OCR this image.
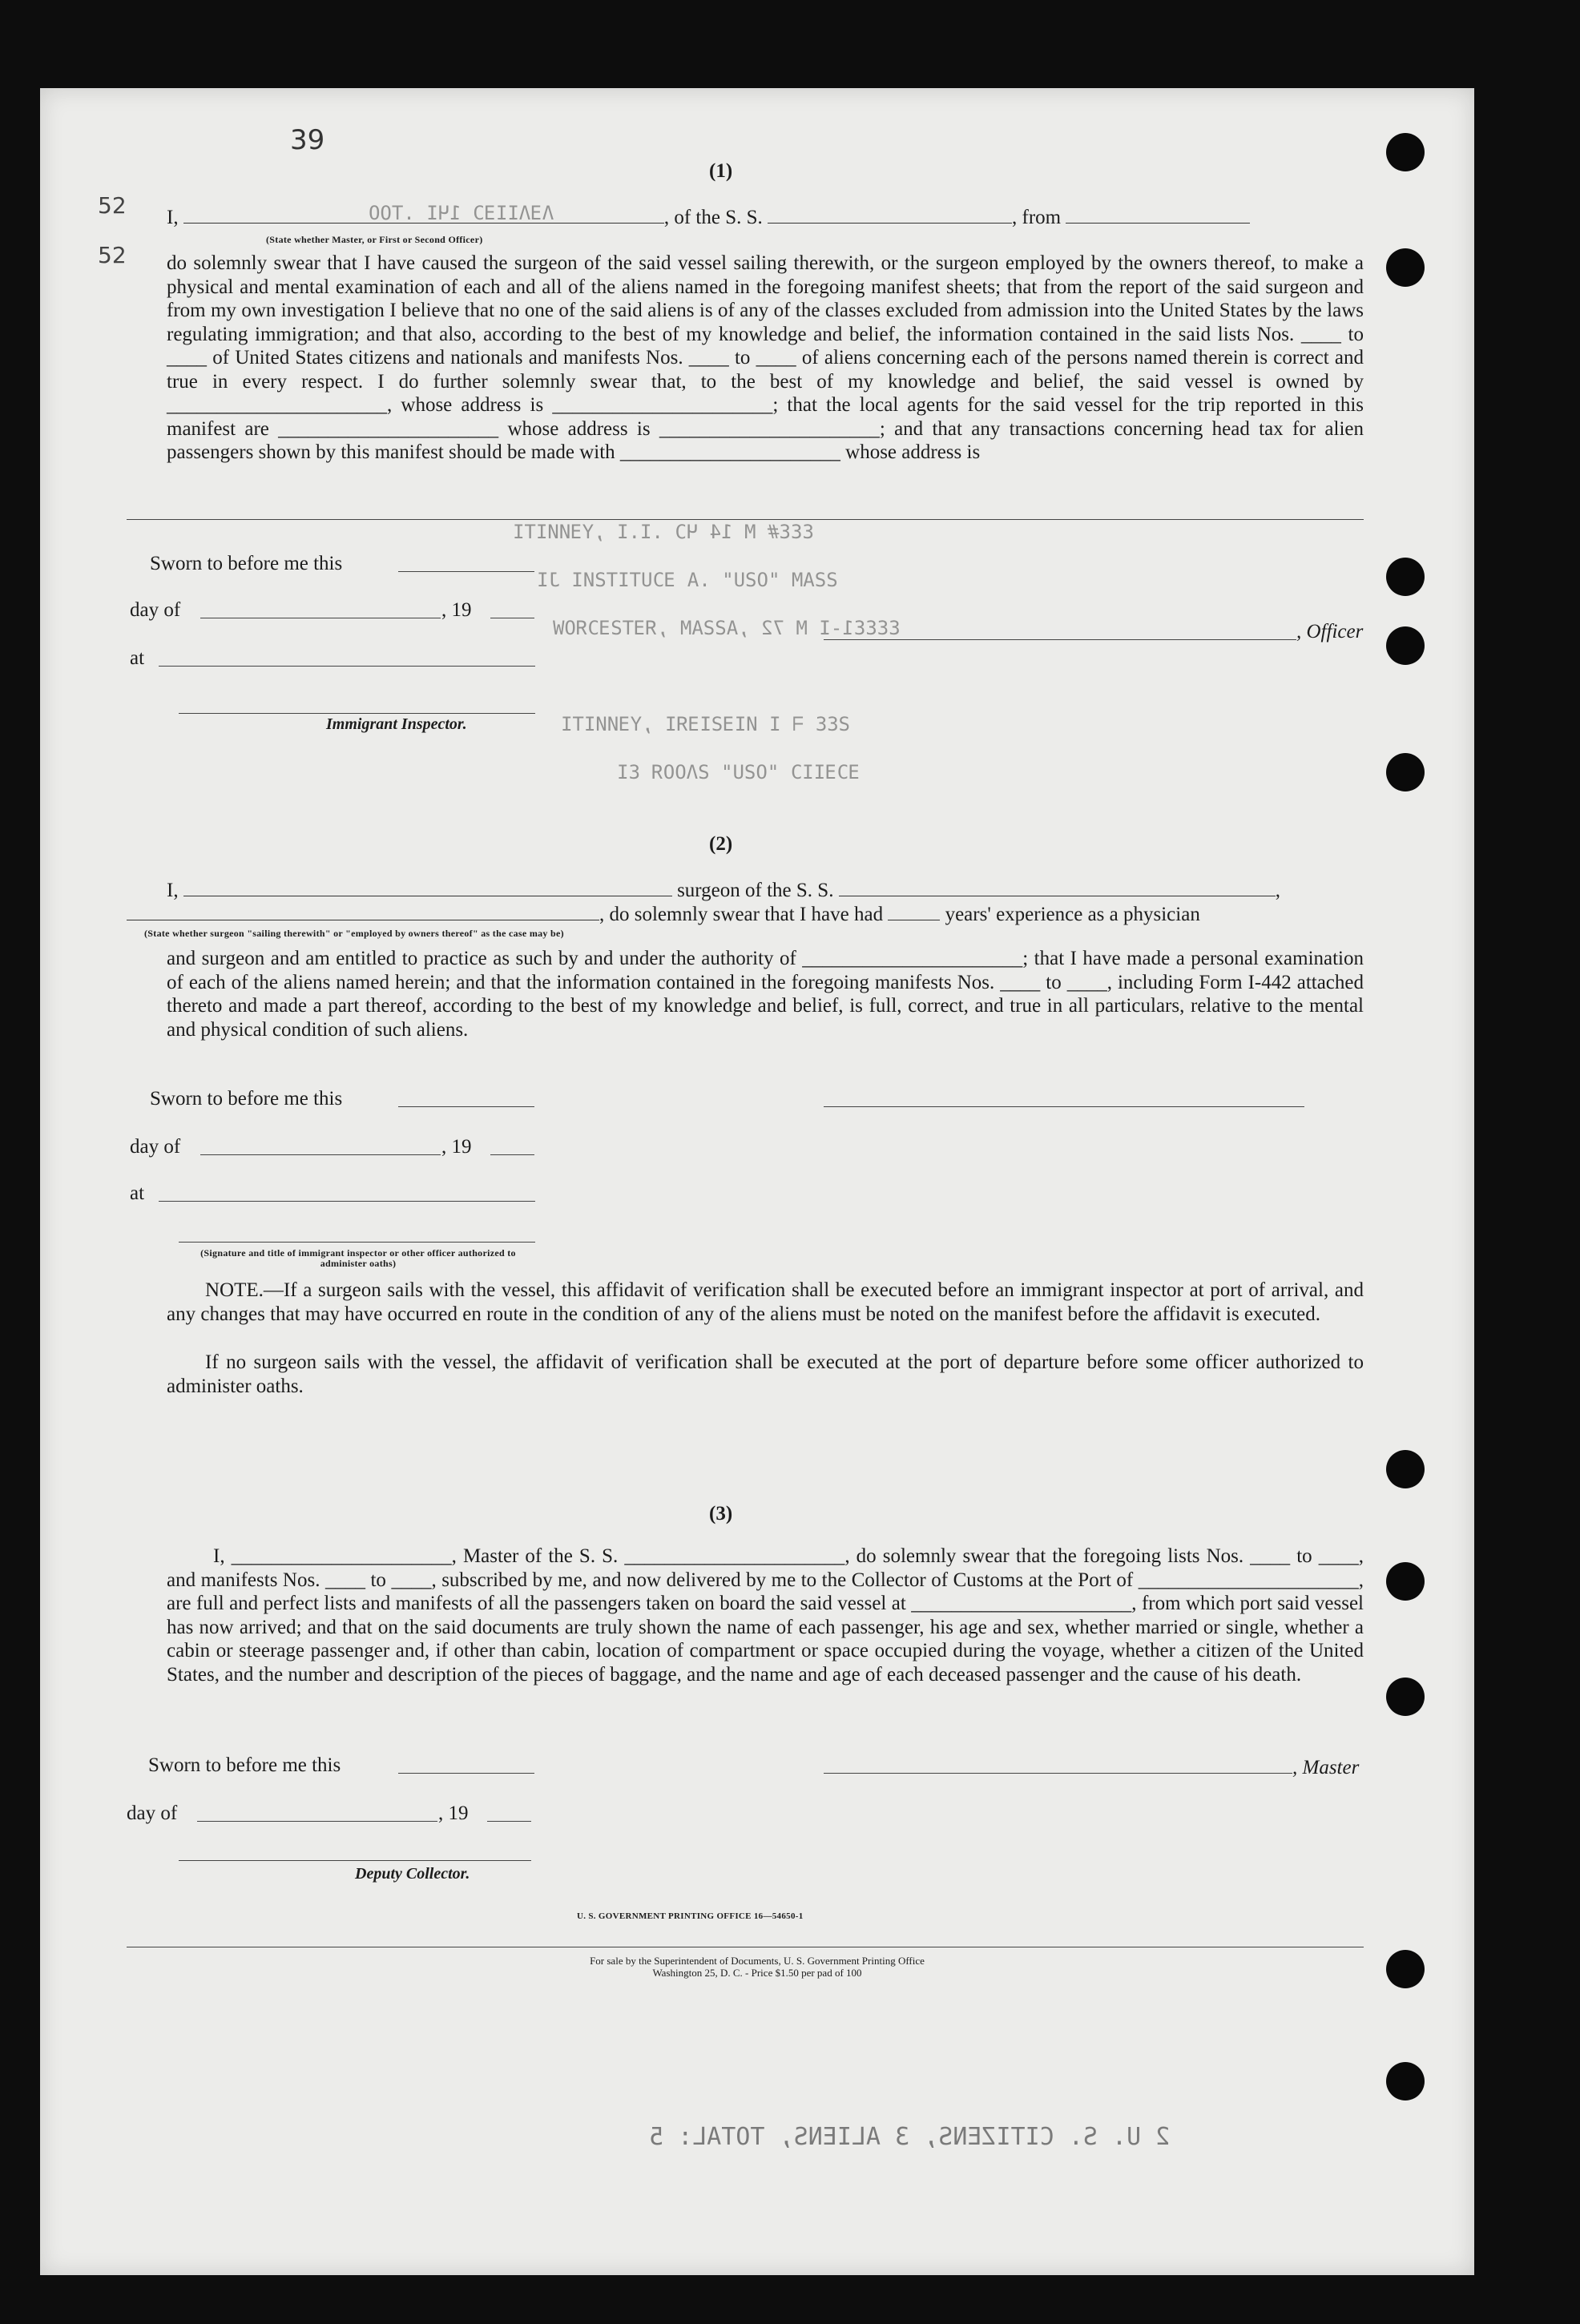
39
52
52
ΛƎΛIIƎƆ 1ЧΙ .TΟO
ƐƐƐ# M 14 ЧϽ .I.I ,YƎИИITI
ƧƧAM "OƧU" .A ƎƆUTITƧИI JI
ƐƐƐƐ1-I M 72 ,AƧƧAM ,ЯƎTƧƎƆЯOW
ƧƐƐ ᖷ I ИIƎƧIƎЯI ,YƎИИITI
ƎƆƎIIƆ "OƧU" ƧΛOOЯ ƐI
(1)
I,	, of the S. S.	, from
(State whether Master, or First or Second Officer)
do solemnly swear that I have caused the surgeon of the said vessel sailing therewith, or the surgeon employed by the owners thereof, to make a physical and mental examination of each and all of the aliens named in the foregoing manifest sheets; that from the report of the said surgeon and from my own investigation I believe that no one of the said aliens is of any of the classes excluded from admission into the United States by the laws regulating immigration; and that also, according to the best of my knowledge and belief, the information contained in the said lists Nos. ____ to ____ of United States citizens and nationals and manifests Nos. ____ to ____ of aliens concerning each of the persons named therein is correct and true in every respect. I do further solemnly swear that, to the best of my knowledge and belief, the said vessel is owned by ______________________, whose address is ______________________; that the local agents for the said vessel for the trip reported in this manifest are ______________________ whose address is ______________________; and that any transactions concerning head tax for alien passengers shown by this manifest should be made with ______________________ whose address is
Sworn to before me this
day of	, 19
at
Immigrant Inspector.
, Officer
(2)
I,	surgeon of the S. S.	,
, do solemnly swear that I have had	years' experience as a physician
(State whether surgeon "sailing therewith" or "employed by owners thereof" as the case may be)
and surgeon and am entitled to practice as such by and under the authority of ______________________; that I have made a personal examination of each of the aliens named herein; and that the information contained in the foregoing manifests Nos. ____ to ____, including Form I-442 attached thereto and made a part thereof, according to the best of my knowledge and belief, is full, correct, and true in all particulars, relative to the mental and physical condition of such aliens.
Sworn to before me this
day of	, 19
at
(Signature and title of immigrant inspector or other officer authorized to administer oaths)
NOTE.—If a surgeon sails with the vessel, this affidavit of verification shall be executed before an immigrant inspector at port of arrival, and any changes that may have occurred en route in the condition of any of the aliens must be noted on the manifest before the affidavit is executed.
If no surgeon sails with the vessel, the affidavit of verification shall be executed at the port of departure before some officer authorized to administer oaths.
(3)
I, ______________________, Master of the S. S. ______________________, do solemnly swear that the foregoing lists Nos. ____ to ____, and manifests Nos. ____ to ____, subscribed by me, and now delivered by me to the Collector of Customs at the Port of ______________________, are full and perfect lists and manifests of all the passengers taken on board the said vessel at ______________________, from which port said vessel has now arrived; and that on the said documents are truly shown the name of each passenger, his age and sex, whether married or single, whether a cabin or steerage passenger and, if other than cabin, location of compartment or space occupied during the voyage, whether a citizen of the United States, and the number and description of the pieces of baggage, and the name and age of each deceased passenger and the cause of his death.
Sworn to before me this	, Master
day of	, 19
Deputy Collector.
U. S. GOVERNMENT PRINTING OFFICE 16—54650-1
For sale by the Superintendent of Documents, U. S. Government Printing Office
Washington 25, D. C. - Price $1.50 per pad of 100
2 U. S. CITIZENS, 3 ALIENS, TOTAL: 5
